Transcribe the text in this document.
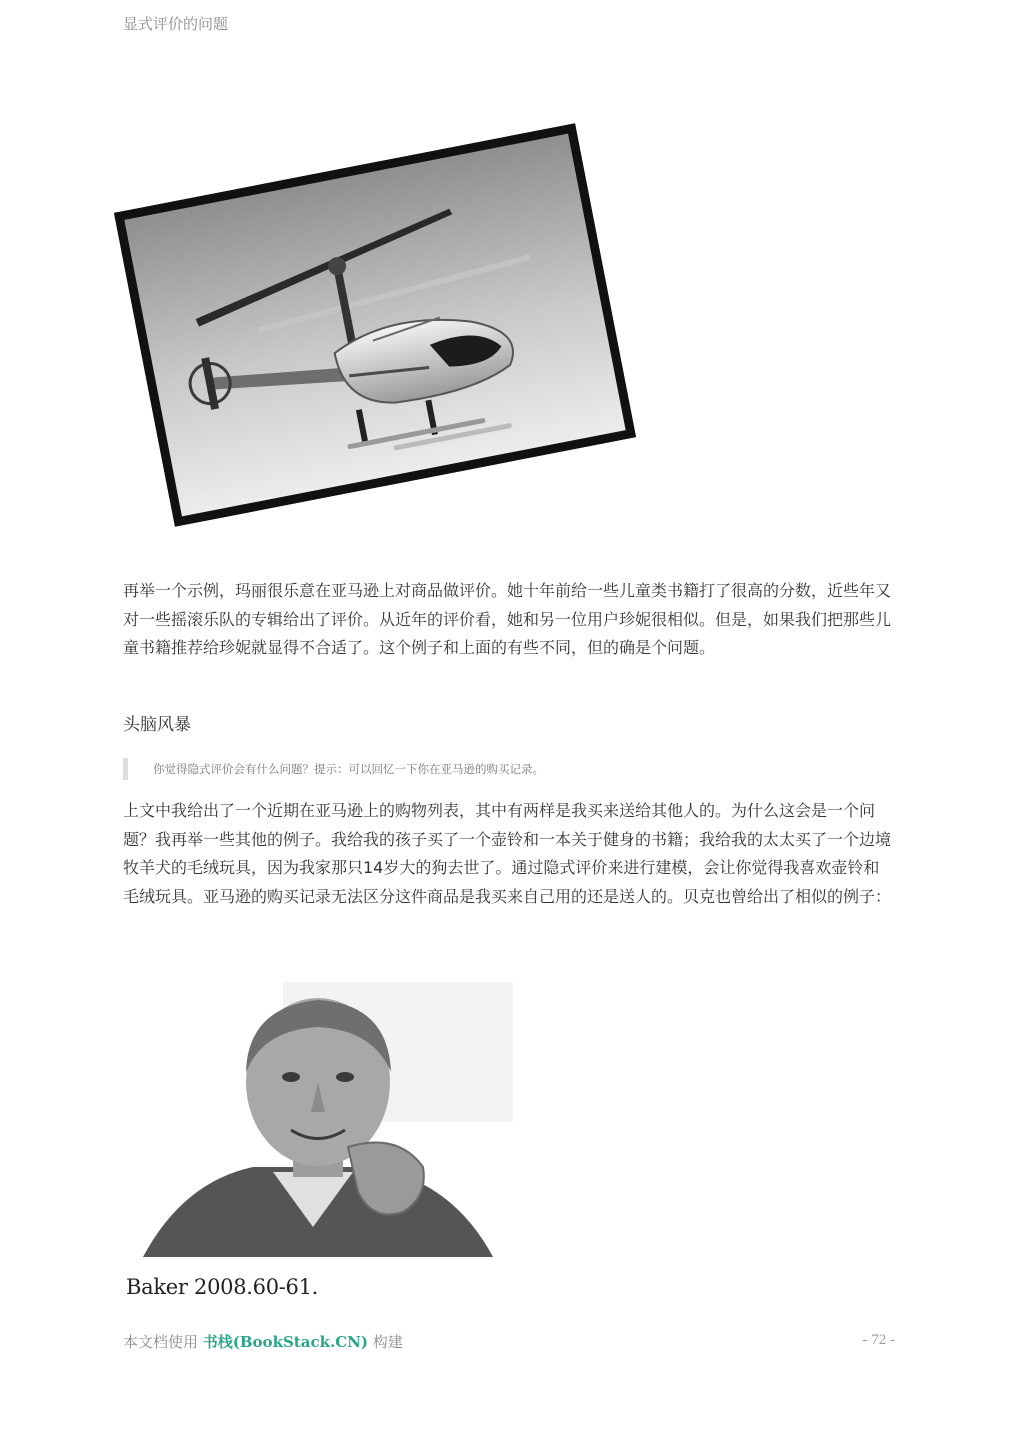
显式评价的问题

再举一个示例，玛丽很乐意在亚马逊上对商品做评价。她十年前给一些儿童类书籍打了很高的分数，近些年又对一些摇滚乐队的专辑给出了评价。从近年的评价看，她和另一位用户珍妮很相似。但是，如果我们把那些儿童书籍推荐给珍妮就显得不合适了。这个例子和上面的有些不同，但的确是个问题。

头脑风暴
你觉得隐式评价会有什么问题？提示：可以回忆一下你在亚马逊的购买记录。

上文中我给出了一个近期在亚马逊上的购物列表，其中有两样是我买来送给其他人的。为什么这会是一个问题？我再举一些其他的例子。我给我的孩子买了一个壶铃和一本关于健身的书籍；我给我的太太买了一个边境牧羊犬的毛绒玩具，因为我家那只14岁大的狗去世了。通过隐式评价来进行建模，会让你觉得我喜欢壶铃和毛绒玩具。亚马逊的购买记录无法区分这件商品是我买来自己用的还是送人的。贝克也曾给出了相似的例子：

Baker 2008.60-61.
本文档使用 书栈(BookStack.CN) 构建	- 72 -
